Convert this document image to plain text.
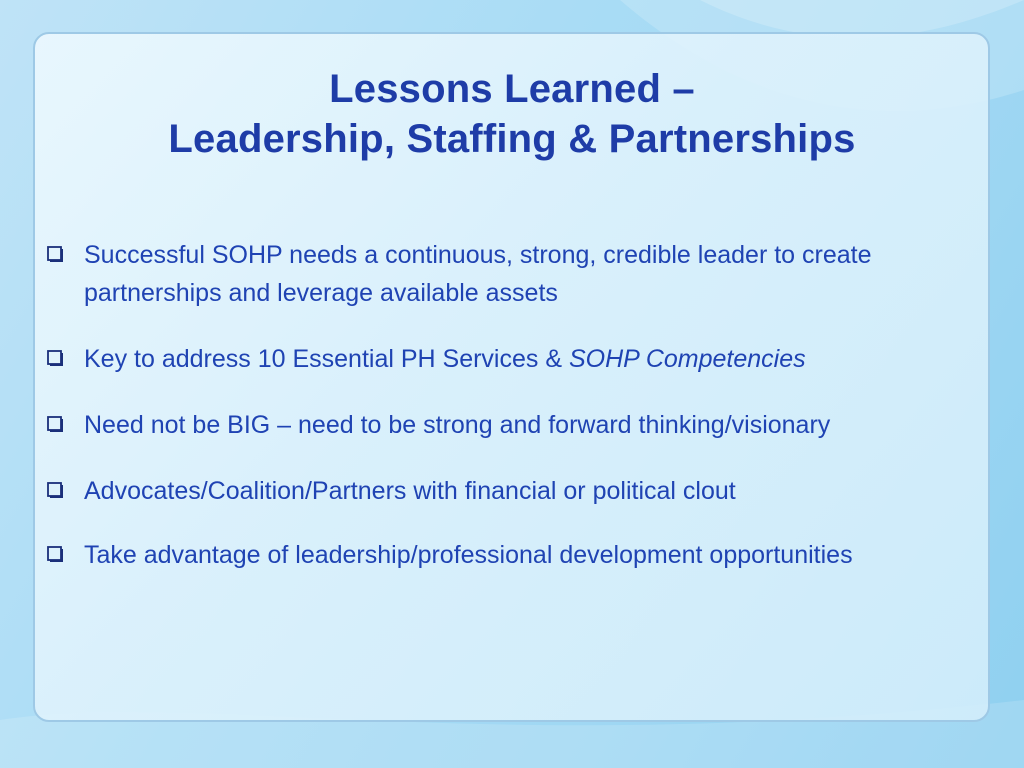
Lessons Learned –
Leadership, Staffing & Partnerships
Successful SOHP needs a continuous, strong, credible leader to create partnerships and leverage available assets
Key to address 10 Essential PH Services & SOHP Competencies
Need not be BIG – need to be strong and forward thinking/visionary
Advocates/Coalition/Partners with financial or political clout
Take advantage of leadership/professional development opportunities
